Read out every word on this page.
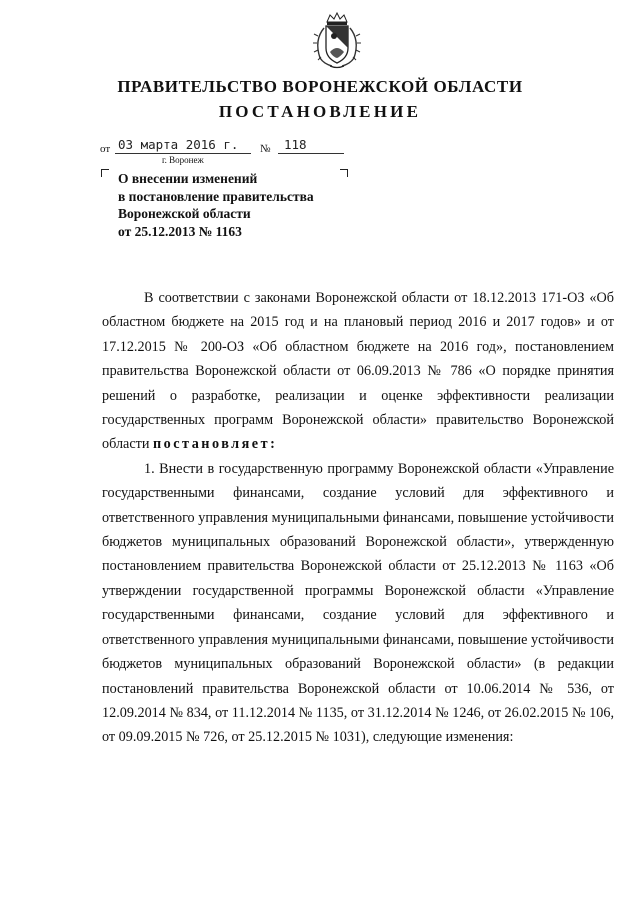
ПРАВИТЕЛЬСТВО ВОРОНЕЖСКОЙ ОБЛАСТИ
ПОСТАНОВЛЕНИЕ
от 03 марта 2016 г. № 118
г. Воронеж
О внесении изменений
в постановление правительства
Воронежской области
от 25.12.2013 № 1163

В соответствии с законами Воронежской области от 18.12.2013 171-ОЗ «Об областном бюджете на 2015 год и на плановый период 2016 и 2017 годов» и от 17.12.2015 № 200-ОЗ «Об областном бюджете на 2016 год», постановлением правительства Воронежской области от 06.09.2013 № 786 «О порядке принятия решений о разработке, реализации и оценке эффективности реализации государственных программ Воронежской области» правительство Воронежской области постановляет:

1. Внести в государственную программу Воронежской области «Управление государственными финансами, создание условий для эффективного и ответственного управления муниципальными финансами, повышение устойчивости бюджетов муниципальных образований Воронежской области», утвержденную постановлением правительства Воронежской области от 25.12.2013 № 1163 «Об утверждении государственной программы Воронежской области «Управление государственными финансами, создание условий для эффективного и ответственного управления муниципальными финансами, повышение устойчивости бюджетов муниципальных образований Воронежской области» (в редакции постановлений правительства Воронежской области от 10.06.2014 № 536, от 12.09.2014 № 834, от 11.12.2014 № 1135, от 31.12.2014 № 1246, от 26.02.2015 № 106, от 09.09.2015 № 726, от 25.12.2015 № 1031), следующие изменения:
